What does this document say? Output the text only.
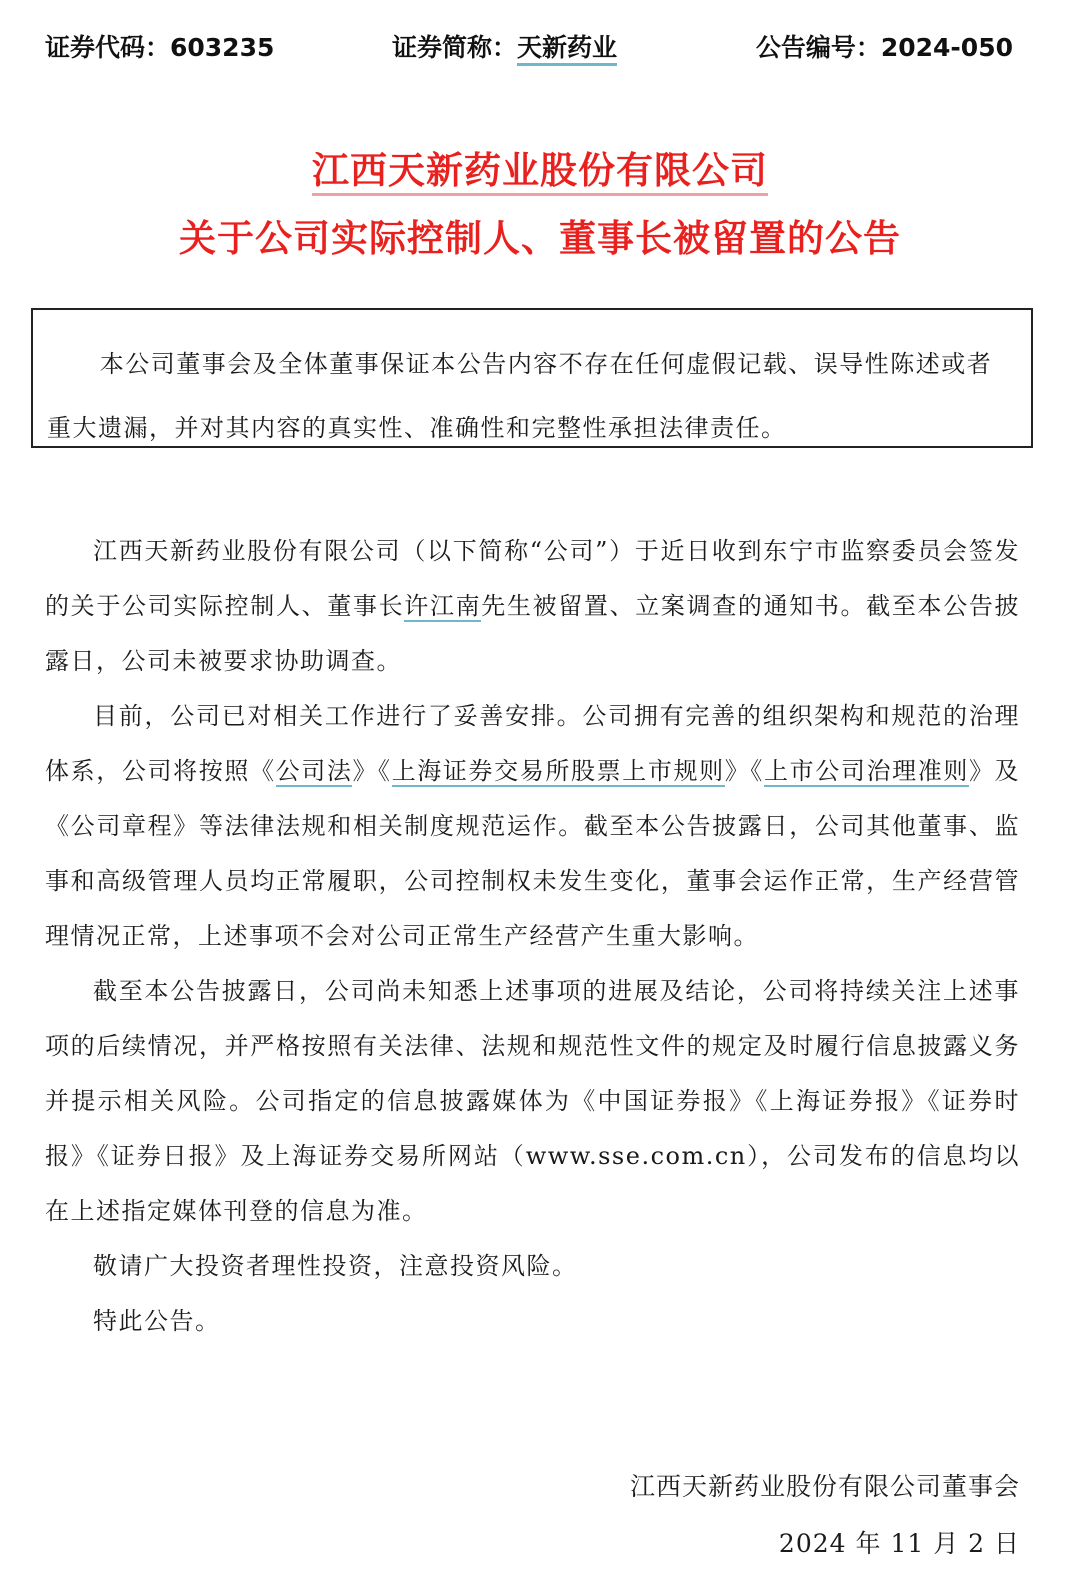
证券代码：603235	证券简称：天新药业	公告编号：2024-050
江西天新药业股份有限公司
关于公司实际控制人、董事长被留置的公告
本公司董事会及全体董事保证本公告内容不存在任何虚假记载、误导性陈述或者重大遗漏，并对其内容的真实性、准确性和完整性承担法律责任。

江西天新药业股份有限公司（以下简称“公司”）于近日收到东宁市监察委员会签发的关于公司实际控制人、董事长许江南先生被留置、立案调查的通知书。截至本公告披露日，公司未被要求协助调查。

目前，公司已对相关工作进行了妥善安排。公司拥有完善的组织架构和规范的治理体系，公司将按照《公司法》《上海证券交易所股票上市规则》《上市公司治理准则》及《公司章程》等法律法规和相关制度规范运作。截至本公告披露日，公司其他董事、监事和高级管理人员均正常履职，公司控制权未发生变化，董事会运作正常，生产经营管理情况正常，上述事项不会对公司正常生产经营产生重大影响。

截至本公告披露日，公司尚未知悉上述事项的进展及结论，公司将持续关注上述事项的后续情况，并严格按照有关法律、法规和规范性文件的规定及时履行信息披露义务并提示相关风险。公司指定的信息披露媒体为《中国证券报》《上海证券报》《证券时报》《证券日报》及上海证券交易所网站（www.sse.com.cn），公司发布的信息均以在上述指定媒体刊登的信息为准。

敬请广大投资者理性投资，注意投资风险。

特此公告。

江西天新药业股份有限公司董事会
2024 年 11 月 2 日
